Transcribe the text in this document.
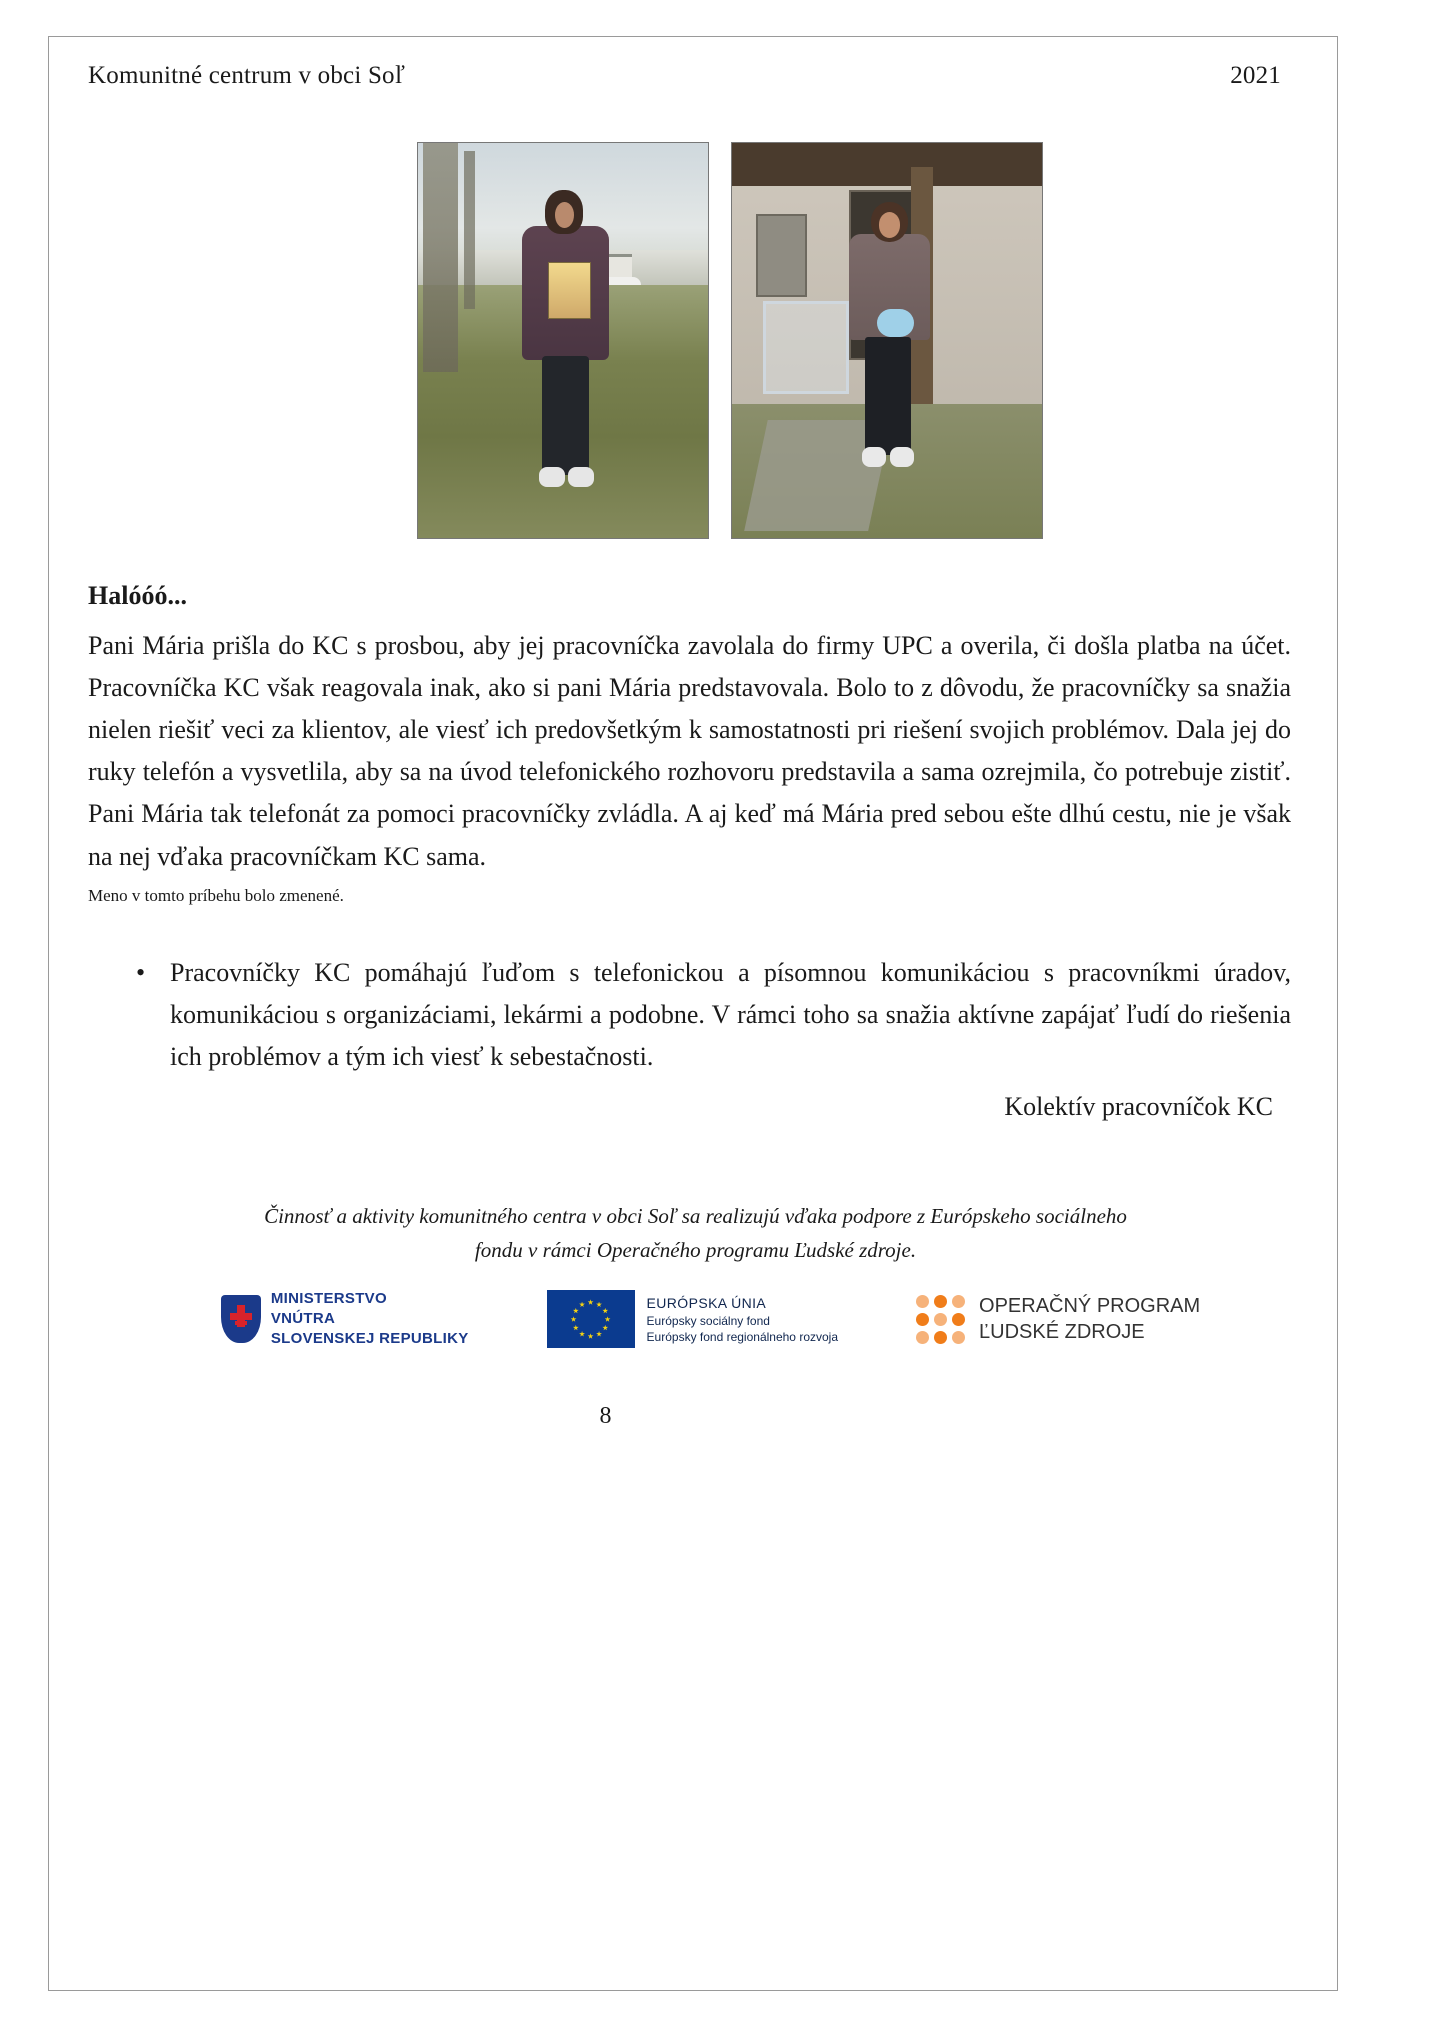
Komunitné centrum v obci Soľ	2021
Halóóó...
Pani Mária prišla do KC s prosbou, aby jej pracovníčka zavolala do firmy UPC a overila, či došla platba na účet. Pracovníčka KC však reagovala inak, ako si pani Mária predstavovala. Bolo to z dôvodu, že pracovníčky sa snažia nielen riešiť veci za klientov, ale viesť ich predovšetkým k samostatnosti pri riešení svojich problémov. Dala jej do ruky telefón a vysvetlila, aby sa na úvod telefonického rozhovoru predstavila a sama ozrejmila, čo potrebuje zistiť. Pani Mária tak telefonát za pomoci pracovníčky zvládla. A aj keď má Mária pred sebou ešte dlhú cestu, nie je však na nej vďaka pracovníčkam KC sama.
Meno v tomto príbehu bolo zmenené.
• Pracovníčky KC pomáhajú ľuďom s telefonickou a písomnou komunikáciou s pracovníkmi úradov, komunikáciou s organizáciami, lekármi a podobne. V rámci toho sa snažia aktívne zapájať ľudí do riešenia ich problémov a tým ich viesť k sebestačnosti.
Kolektív pracovníčok KC
Činnosť a aktivity komunitného centra v obci Soľ sa realizujú vďaka podpore z Európskeho sociálneho
fondu v rámci Operačného programu Ľudské zdroje.
MINISTERSTVO
VNÚTRA
SLOVENSKEJ REPUBLIKY
EURÓPSKA ÚNIA
Európsky sociálny fond
Európsky fond regionálneho rozvoja
OPERAČNÝ PROGRAM
ĽUDSKÉ ZDROJE
8
